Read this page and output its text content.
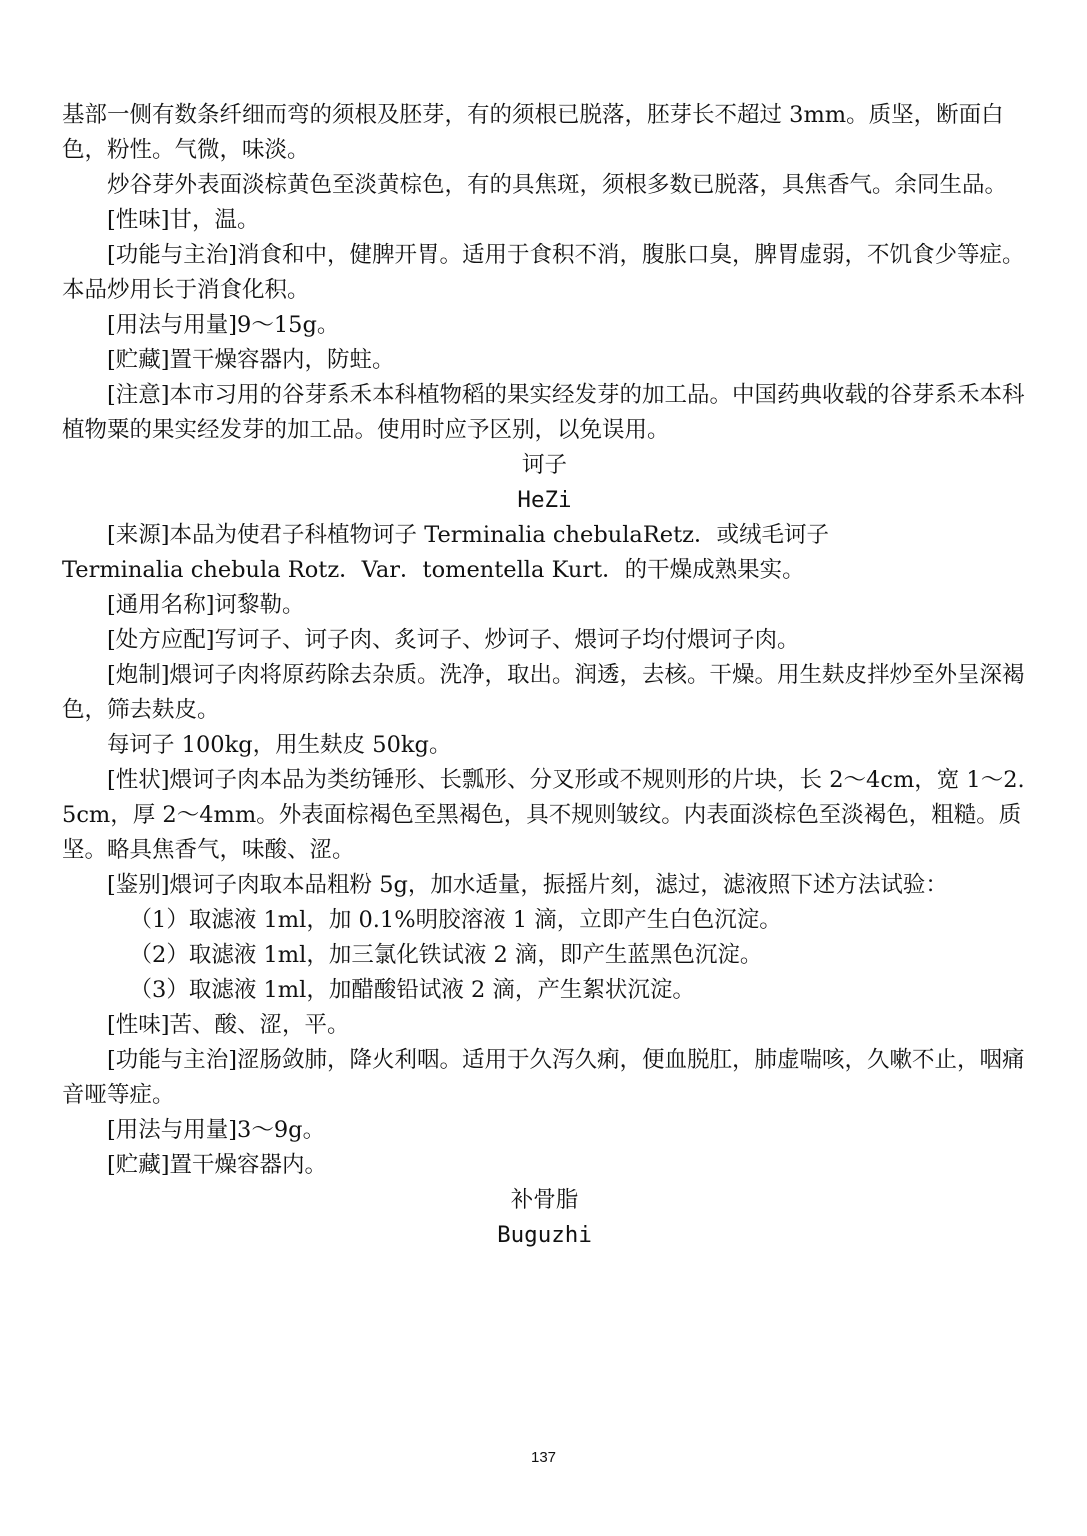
基部一侧有数条纤细而弯的须根及胚芽，有的须根已脱落，胚芽长不超过 3mm。质坚，断面白色，粉性。气微，味淡。

炒谷芽外表面淡棕黄色至淡黄棕色，有的具焦斑，须根多数已脱落，具焦香气。余同生品。

[性味]甘，温。

[功能与主治]消食和中，健脾开胃。适用于食积不消，腹胀口臭，脾胃虚弱，不饥食少等症。本品炒用长于消食化积。

[用法与用量]9～15g。

[贮藏]置干燥容器内，防蛀。

[注意]本市习用的谷芽系禾本科植物稻的果实经发芽的加工品。中国药典收载的谷芽系禾本科植物粟的果实经发芽的加工品。使用时应予区别，以免误用。

诃子

HeZi

[来源]本品为使君子科植物诃子 Terminalia chebulaRetz．或绒毛诃子

Terminalia chebula Rotz．Var．tomentella Kurt．的干燥成熟果实。

[通用名称]诃黎勒。

[处方应配]写诃子、诃子肉、炙诃子、炒诃子、煨诃子均付煨诃子肉。

[炮制]煨诃子肉将原药除去杂质。洗净，取出。润透，去核。干燥。用生麸皮拌炒至外呈深褐色，筛去麸皮。

每诃子 100kg，用生麸皮 50kg。

[性状]煨诃子肉本品为类纺锤形、长瓢形、分叉形或不规则形的片块，长 2～4cm，宽 1～2.5cm，厚 2～4mm。外表面棕褐色至黑褐色，具不规则皱纹。内表面淡棕色至淡褐色，粗糙。质坚。略具焦香气，味酸、涩。

[鉴别]煨诃子肉取本品粗粉 5g，加水适量，振摇片刻，滤过，滤液照下述方法试验：

（1）取滤液 1ml，加 0.1%明胶溶液 1 滴，立即产生白色沉淀。

（2）取滤液 1ml，加三氯化铁试液 2 滴，即产生蓝黑色沉淀。

（3）取滤液 1ml，加醋酸铅试液 2 滴，产生絮状沉淀。

[性味]苦、酸、涩，平。

[功能与主治]涩肠敛肺，降火利咽。适用于久泻久痢，便血脱肛，肺虚喘咳，久嗽不止，咽痛音哑等症。

[用法与用量]3～9g。

[贮藏]置干燥容器内。

补骨脂

Buguzhi

137
